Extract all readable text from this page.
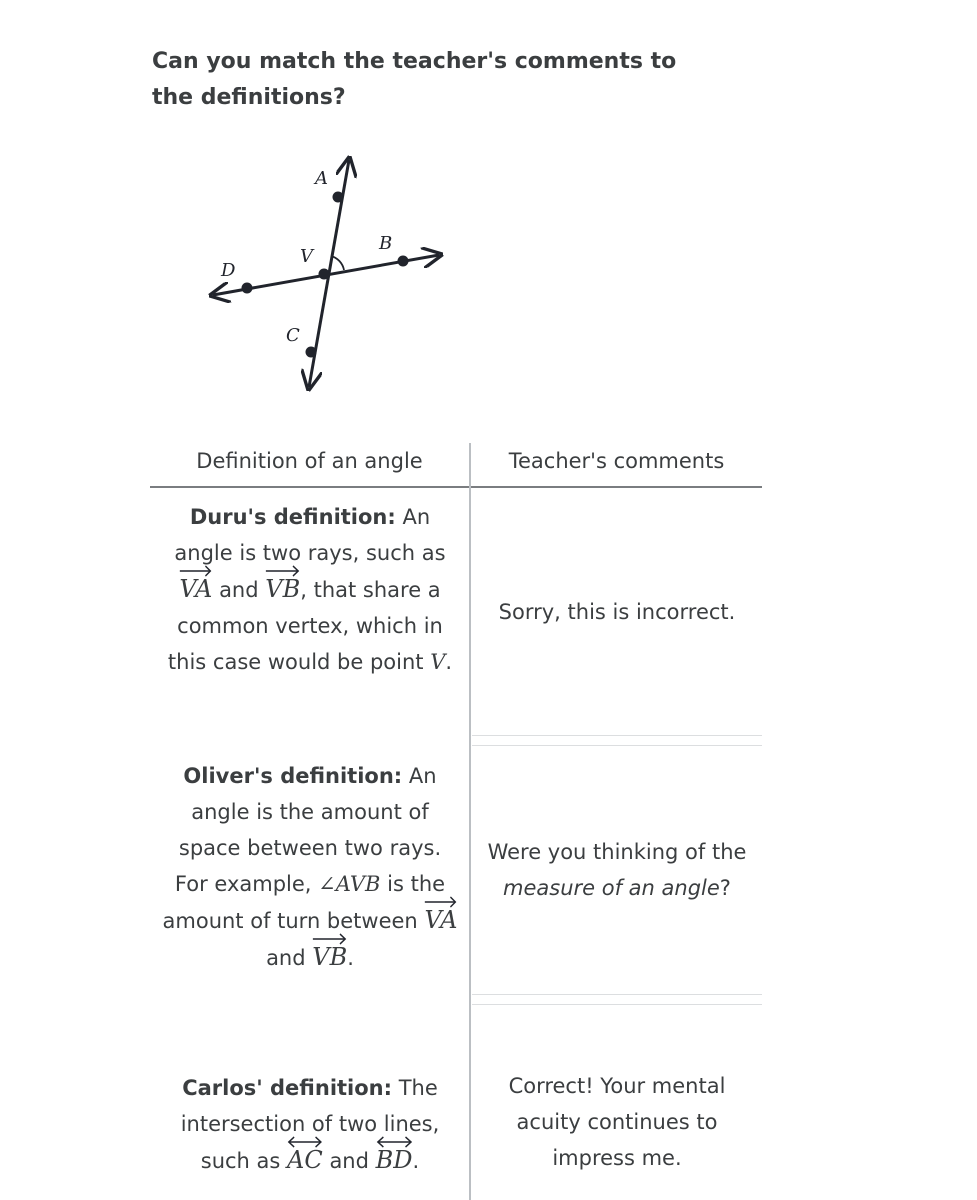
Can you match the teacher's comments to the definitions?
A
B
V
D
C
Definition of an angle	Teacher's comments
Duru's definition: An angle is two rays, such as
VA and VB, that share a common vertex, which in this case would be point V.
Sorry, this is incorrect.
Oliver's definition: An angle is the amount of space between two rays. For example, ∠AVB is the amount of turn between VA and VB.
Were you thinking of the measure of an angle?
Carlos' definition: The intersection of two lines, such as AC and BD.
Correct! Your mental acuity continues to impress me.
